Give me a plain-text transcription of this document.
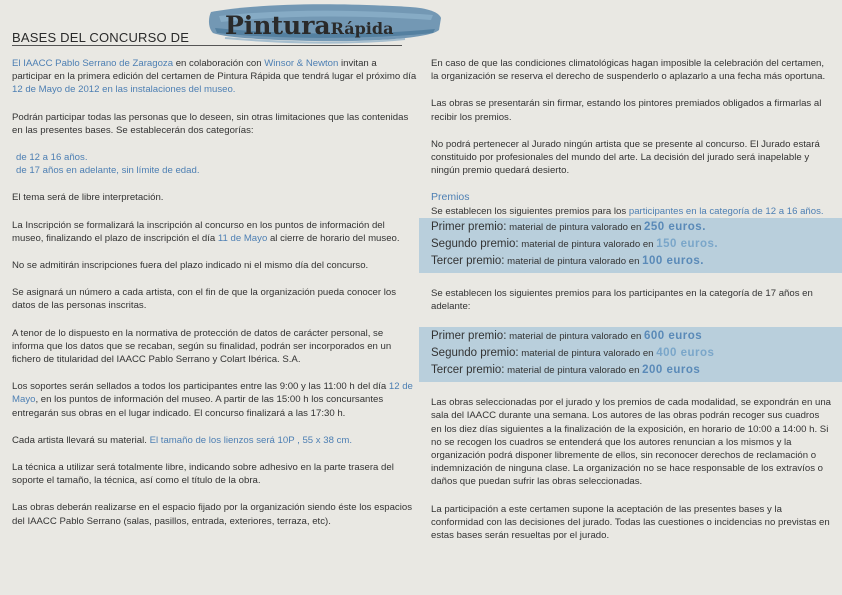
BASES DEL CONCURSO DE PinturaRápida

El IAACC Pablo Serrano de Zaragoza en colaboración con Winsor & Newton invitan a participar en la primera edición del certamen de Pintura Rápida que tendrá lugar el próximo día 12 de Mayo de 2012 en las instalaciones del museo.

Podrán participar todas las personas que lo deseen, sin otras limitaciones que las contenidas en las presentes bases. Se establecerán dos categorías:

de 12 a 16 años.
de 17 años en adelante, sin límite de edad.

El tema será de libre interpretación.

La Inscripción se formalizará la inscripción al concurso en los puntos de información del museo, finalizando el plazo de inscripción el día 11 de Mayo al cierre de horario del museo.

No se admitirán inscripciones fuera del plazo indicado ni el mismo día del concurso.

Se asignará un número a cada artista, con el fin de que la organización pueda conocer los datos de las personas inscritas.

A tenor de lo dispuesto en la normativa de protección de datos de carácter personal, se informa que los datos que se recaban, según su finalidad, podrán ser incorporados en un fichero de titularidad del IAACC Pablo Serrano y Colart Ibérica. S.A.

Los soportes serán sellados a todos los participantes entre las 9:00 y las 11:00 h del día 12 de Mayo, en los puntos de información del museo. A partir de las 15:00 h los concursantes entregarán sus obras en el lugar indicado. El concurso finalizará a las 17:30 h.

Cada artista llevará su material. El tamaño de los lienzos será 10P , 55 x 38 cm.

La técnica a utilizar será totalmente libre, indicando sobre adhesivo en la parte trasera del soporte el tamaño, la técnica, así como el título de la obra.

Las obras deberán realizarse en el espacio fijado por la organización siendo éste los espacios del IAACC Pablo Serrano (salas, pasillos, entrada, exteriores, terraza, etc).

En caso de que las condiciones climatológicas hagan imposible la celebración del certamen, la organización se reserva el derecho de suspenderlo o aplazarlo a una fecha más oportuna.

Las obras se presentarán sin firmar, estando los pintores premiados obligados a firmarlas al recibir los premios.

No podrá pertenecer al Jurado ningún artista que se presente al concurso. El Jurado estará constituido por profesionales del mundo del arte. La decisión del jurado será inapelable y ningún premio quedará desierto.

Premios
Se establecen los siguientes premios para los participantes en la categoría de 12 a 16 años.
Primer premio: material de pintura valorado en 250 euros.
Segundo premio: material de pintura valorado en 150 euros.
Tercer premio: material de pintura valorado en 100 euros.

Se establecen los siguientes premios para los participantes en la categoría de 17 años en adelante:

Primer premio: material de pintura valorado en 600 euros
Segundo premio: material de pintura valorado en 400 euros
Tercer premio: material de pintura valorado en 200 euros

Las obras seleccionadas por el jurado y los premios de cada modalidad, se expondrán en una sala del IAACC durante una semana. Los autores de las obras podrán recoger sus cuadros en los diez días siguientes a la finalización de la exposición, en horario de 10:00 a 14:00 h. Si no se recogen los cuadros se entenderá que los autores renuncian a los mismos y la organización podrá disponer libremente de ellos, sin reconocer derechos de reclamación o indemnización de ninguna clase. La organización no se hace responsable de los extravíos o daños que puedan sufrir las obras seleccionadas.

La participación a este certamen supone la aceptación de las presentes bases y la conformidad con las decisiones del jurado. Todas las cuestiones o incidencias no previstas en estas bases serán resueltas por el jurado.
